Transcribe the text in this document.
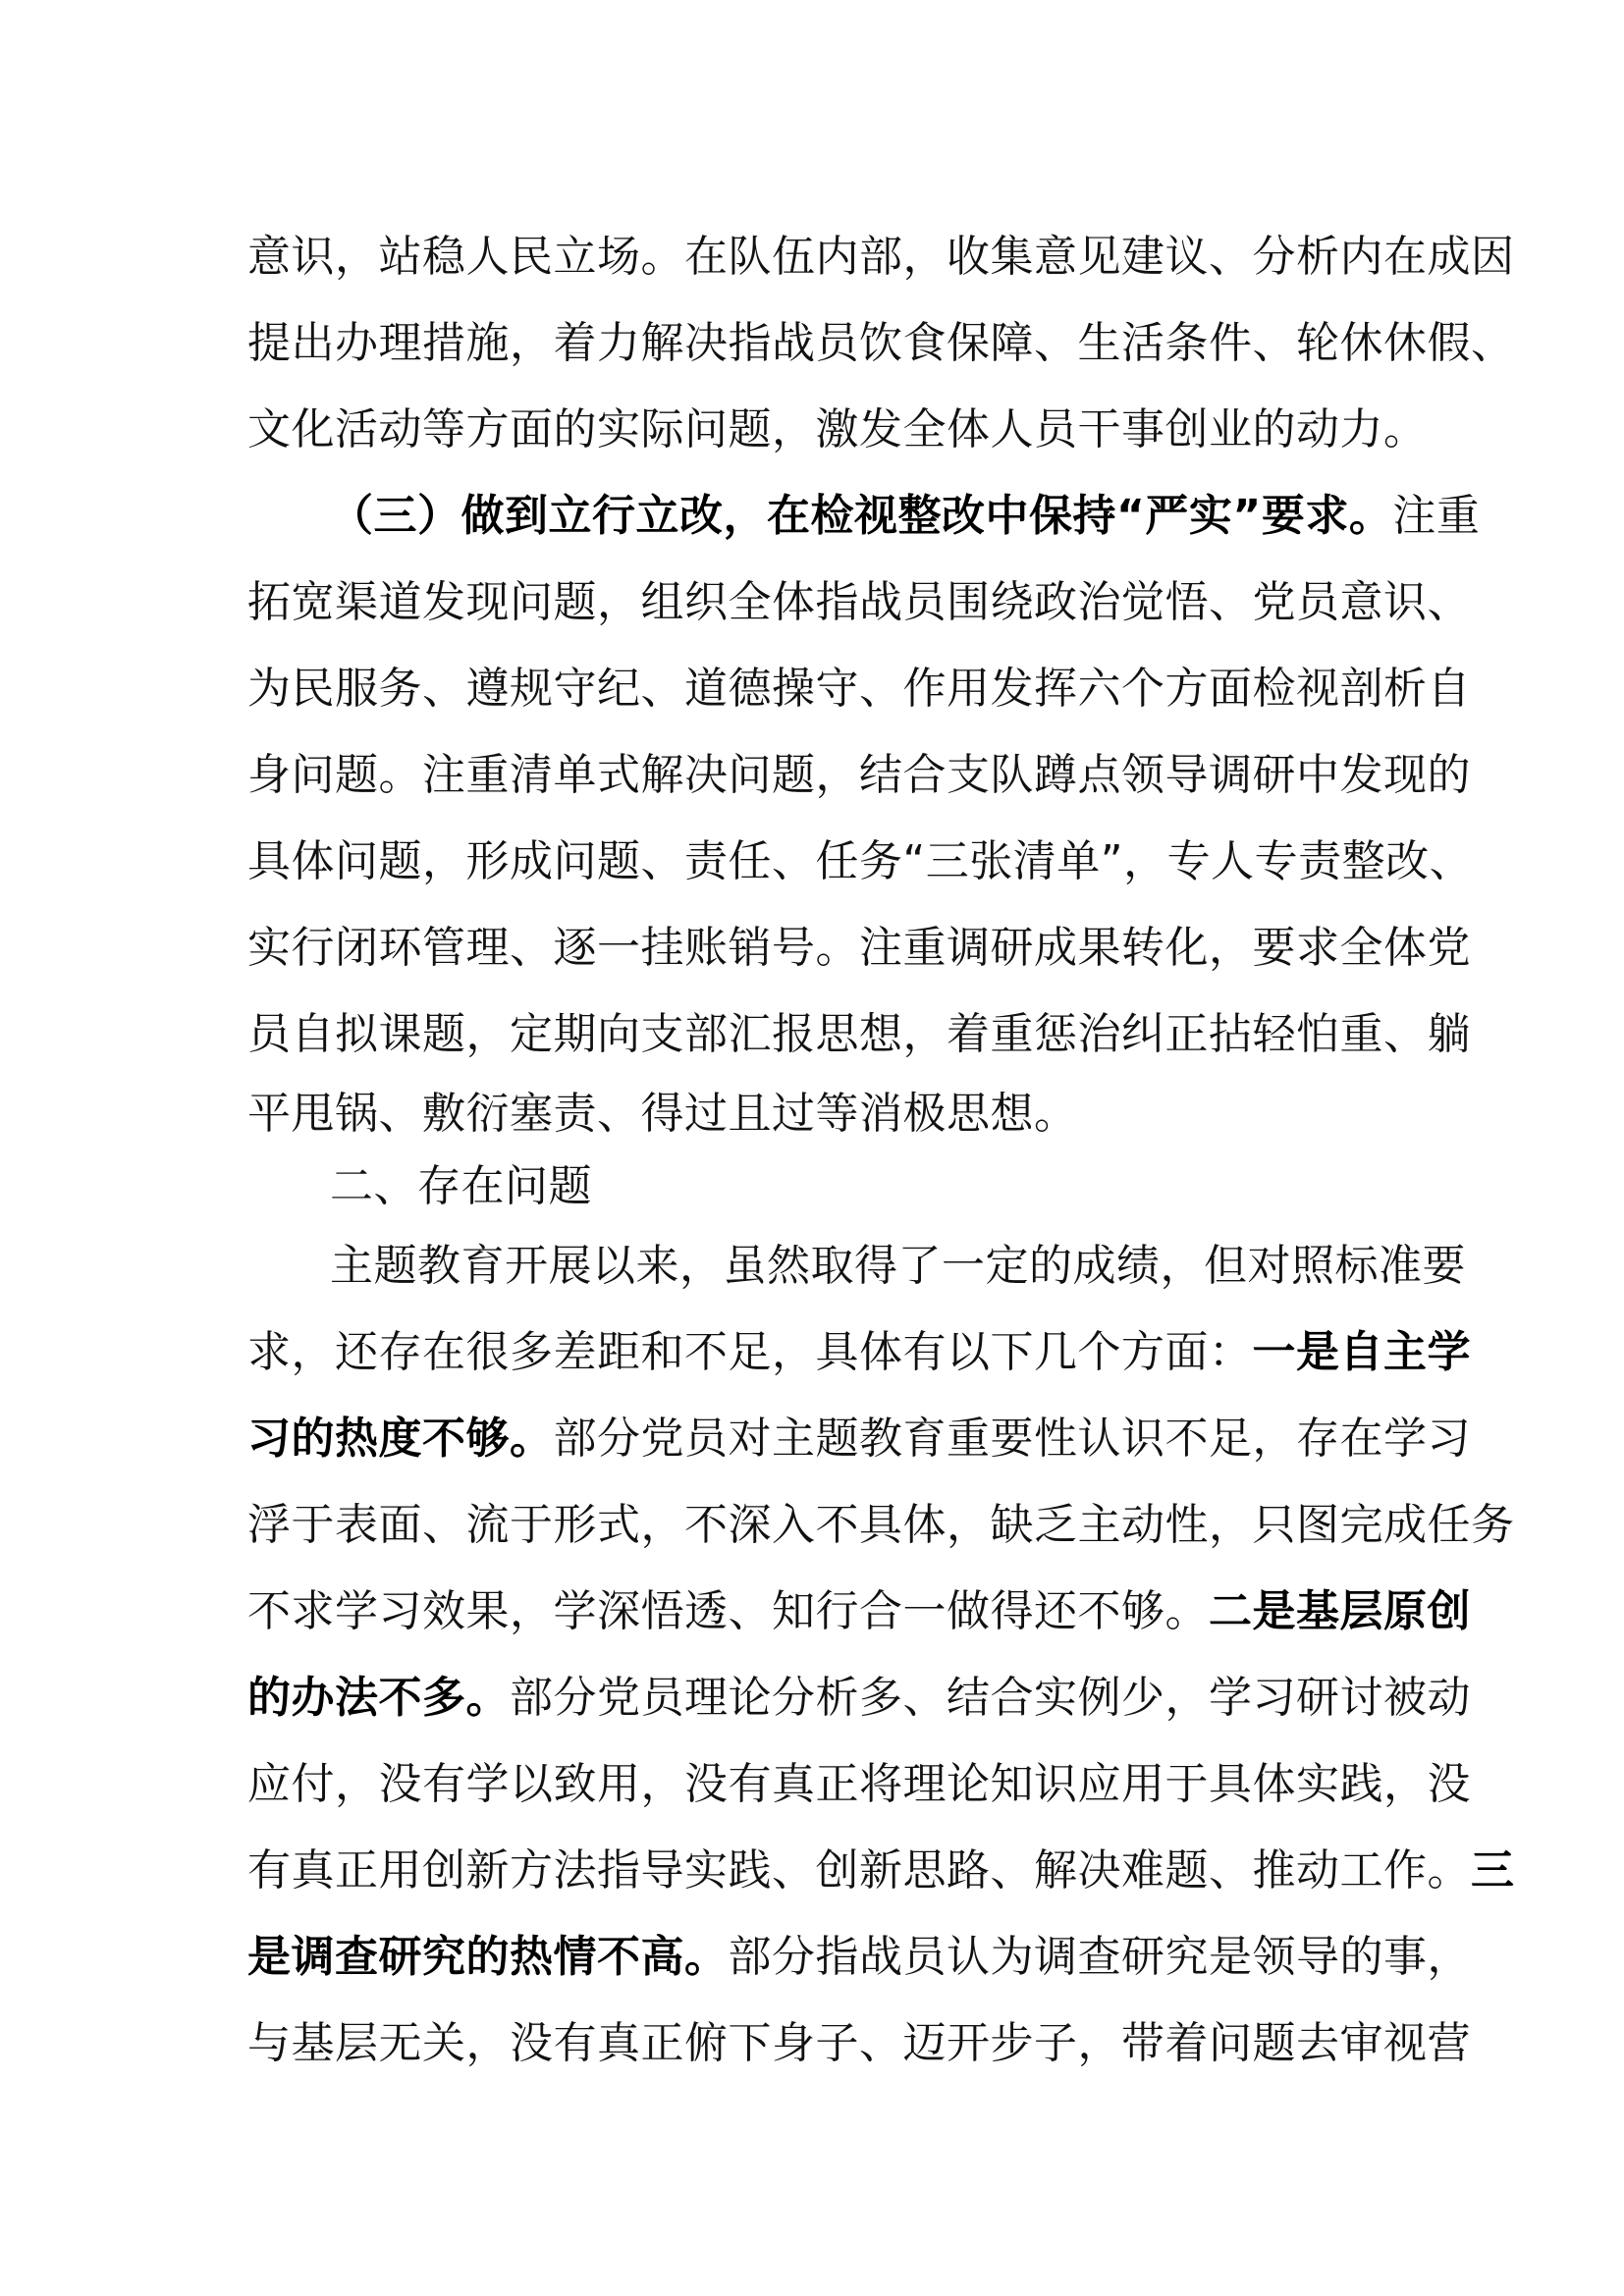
意识，站稳人民立场。在队伍内部，收集意见建议、分析内在成因
提出办理措施，着力解决指战员饮食保障、生活条件、轮休休假、
文化活动等方面的实际问题，激发全体人员干事创业的动力。
（三）做到立行立改，在检视整改中保持“严实”要求。注重
拓宽渠道发现问题，组织全体指战员围绕政治觉悟、党员意识、
为民服务、遵规守纪、道德操守、作用发挥六个方面检视剖析自
身问题。注重清单式解决问题，结合支队蹲点领导调研中发现的
具体问题，形成问题、责任、任务“三张清单”，专人专责整改、
实行闭环管理、逐一挂账销号。注重调研成果转化，要求全体党
员自拟课题，定期向支部汇报思想，着重惩治纠正拈轻怕重、躺
平甩锅、敷衍塞责、得过且过等消极思想。
二、存在问题
主题教育开展以来，虽然取得了一定的成绩，但对照标准要
求，还存在很多差距和不足，具体有以下几个方面：一是自主学
习的热度不够。部分党员对主题教育重要性认识不足，存在学习
浮于表面、流于形式，不深入不具体，缺乏主动性，只图完成任务
不求学习效果，学深悟透、知行合一做得还不够。二是基层原创
的办法不多。部分党员理论分析多、结合实例少，学习研讨被动
应付，没有学以致用，没有真正将理论知识应用于具体实践，没
有真正用创新方法指导实践、创新思路、解决难题、推动工作。三
是调查研究的热情不高。部分指战员认为调查研究是领导的事，
与基层无关，没有真正俯下身子、迈开步子，带着问题去审视营
